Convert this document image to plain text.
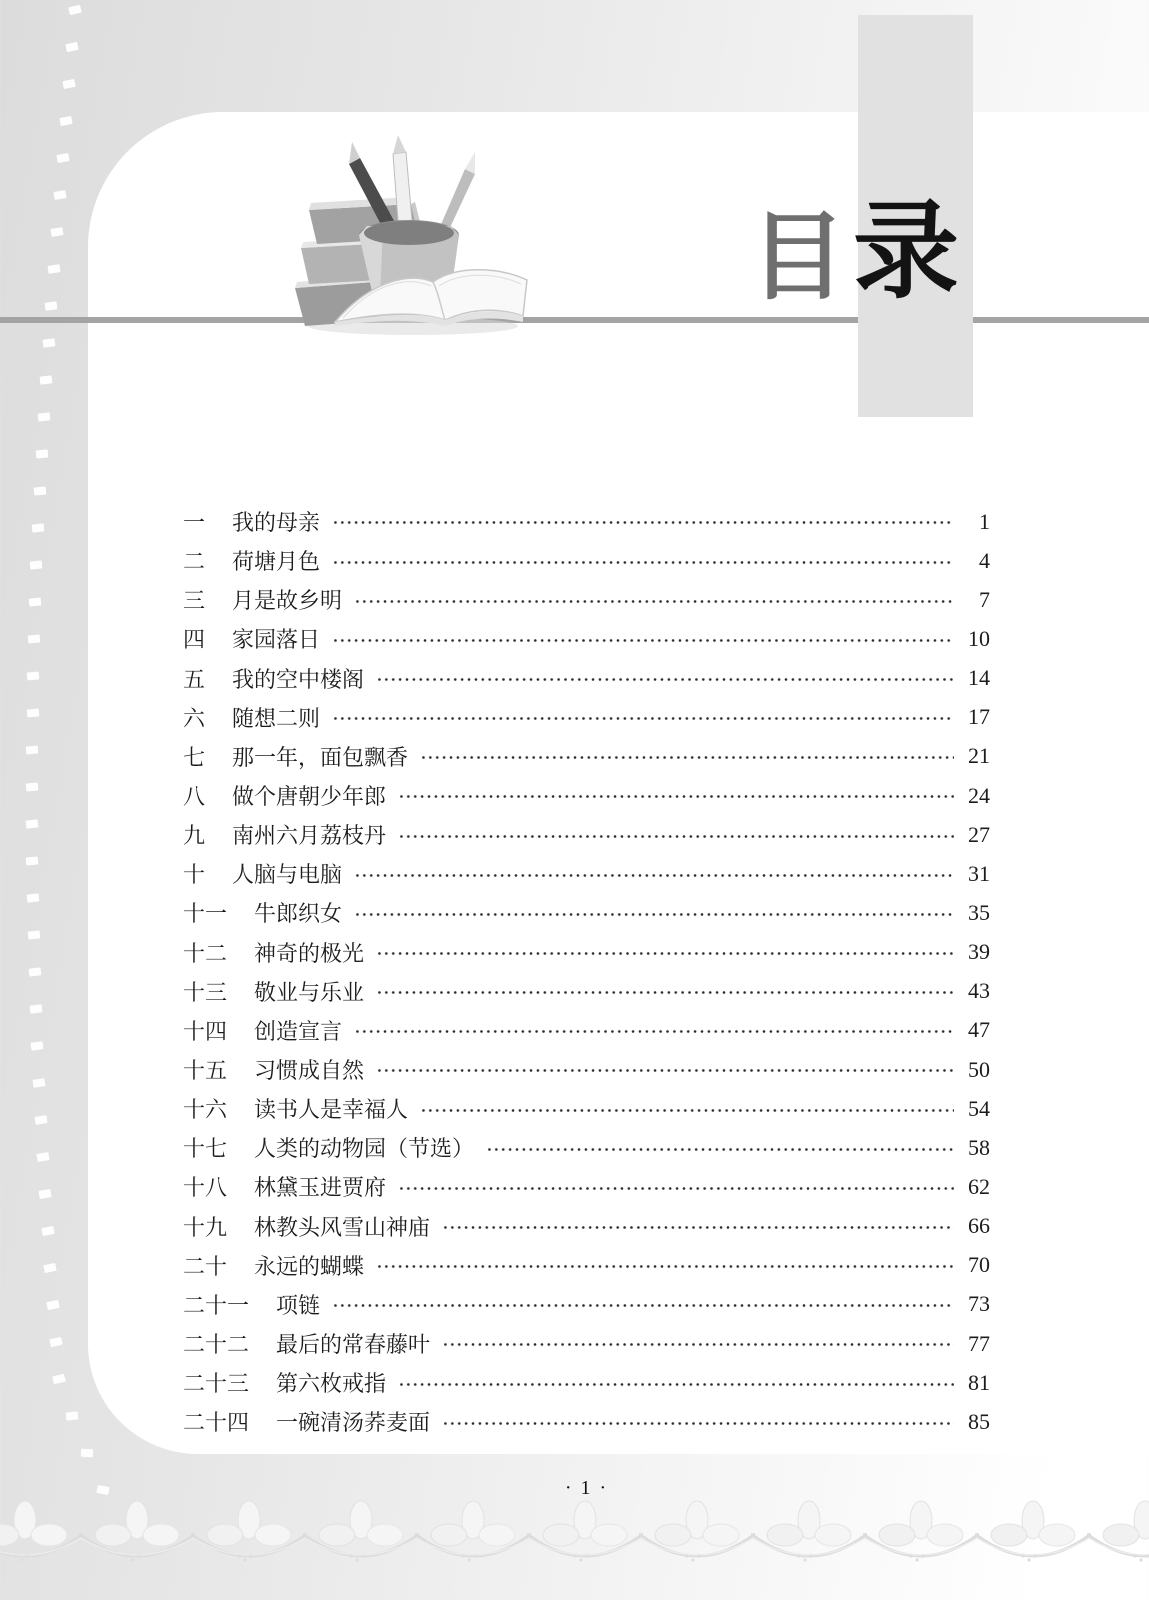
目 录
一 我的母亲	1
二 荷塘月色	4
三 月是故乡明	7
四 家园落日	10
五 我的空中楼阁	14
六 随想二则	17
七 那一年，面包飘香	21
八 做个唐朝少年郎	24
九 南州六月荔枝丹	27
十 人脑与电脑	31
十一 牛郎织女	35
十二 神奇的极光	39
十三 敬业与乐业	43
十四 创造宣言	47
十五 习惯成自然	50
十六 读书人是幸福人	54
十七 人类的动物园（节选）	58
十八 林黛玉进贾府	62
十九 林教头风雪山神庙	66
二十 永远的蝴蝶	70
二十一 项链	73
二十二 最后的常春藤叶	77
二十三 第六枚戒指	81
二十四 一碗清汤荞麦面	85
· 1 ·
